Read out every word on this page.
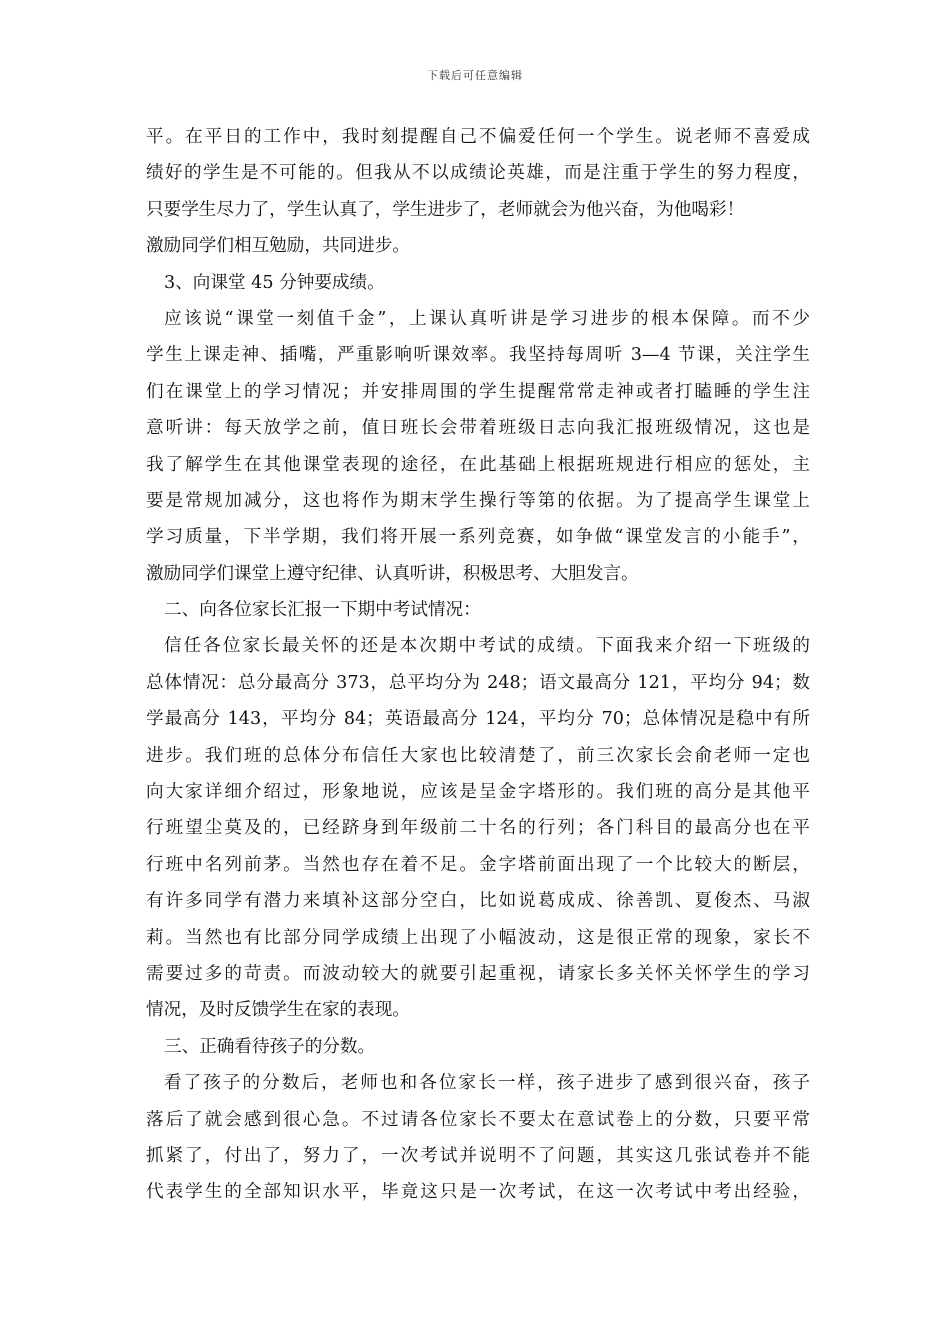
下载后可任意编辑
平。在平日的工作中，我时刻提醒自己不偏爱任何一个学生。说老师不喜爱成
绩好的学生是不可能的。但我从不以成绩论英雄，而是注重于学生的努力程度，
只要学生尽力了，学生认真了，学生进步了，老师就会为他兴奋，为他喝彩！
激励同学们相互勉励，共同进步。
3、向课堂 45 分钟要成绩。
应该说“课堂一刻值千金”，上课认真听讲是学习进步的根本保障。而不少
学生上课走神、插嘴，严重影响听课效率。我坚持每周听 3—4 节课，关注学生
们在课堂上的学习情况；并安排周围的学生提醒常常走神或者打瞌睡的学生注
意听讲：每天放学之前，值日班长会带着班级日志向我汇报班级情况，这也是
我了解学生在其他课堂表现的途径，在此基础上根据班规进行相应的惩处，主
要是常规加减分，这也将作为期末学生操行等第的依据。为了提高学生课堂上
学习质量，下半学期，我们将开展一系列竞赛，如争做“课堂发言的小能手”，
激励同学们课堂上遵守纪律、认真听讲，积极思考、大胆发言。
二、向各位家长汇报一下期中考试情况：
信任各位家长最关怀的还是本次期中考试的成绩。下面我来介绍一下班级的
总体情况：总分最高分 373，总平均分为 248；语文最高分 121，平均分 94；数
学最高分 143，平均分 84；英语最高分 124，平均分 70；总体情况是稳中有所
进步。我们班的总体分布信任大家也比较清楚了，前三次家长会俞老师一定也
向大家详细介绍过，形象地说，应该是呈金字塔形的。我们班的高分是其他平
行班望尘莫及的，已经跻身到年级前二十名的行列；各门科目的最高分也在平
行班中名列前茅。当然也存在着不足。金字塔前面出现了一个比较大的断层，
有许多同学有潜力来填补这部分空白，比如说葛成成、徐善凯、夏俊杰、马淑
莉。当然也有比部分同学成绩上出现了小幅波动，这是很正常的现象，家长不
需要过多的苛责。而波动较大的就要引起重视，请家长多关怀关怀学生的学习
情况，及时反馈学生在家的表现。
三、正确看待孩子的分数。
看了孩子的分数后，老师也和各位家长一样，孩子进步了感到很兴奋，孩子
落后了就会感到很心急。不过请各位家长不要太在意试卷上的分数，只要平常
抓紧了，付出了，努力了，一次考试并说明不了问题，其实这几张试卷并不能
代表学生的全部知识水平，毕竟这只是一次考试，在这一次考试中考出经验，
